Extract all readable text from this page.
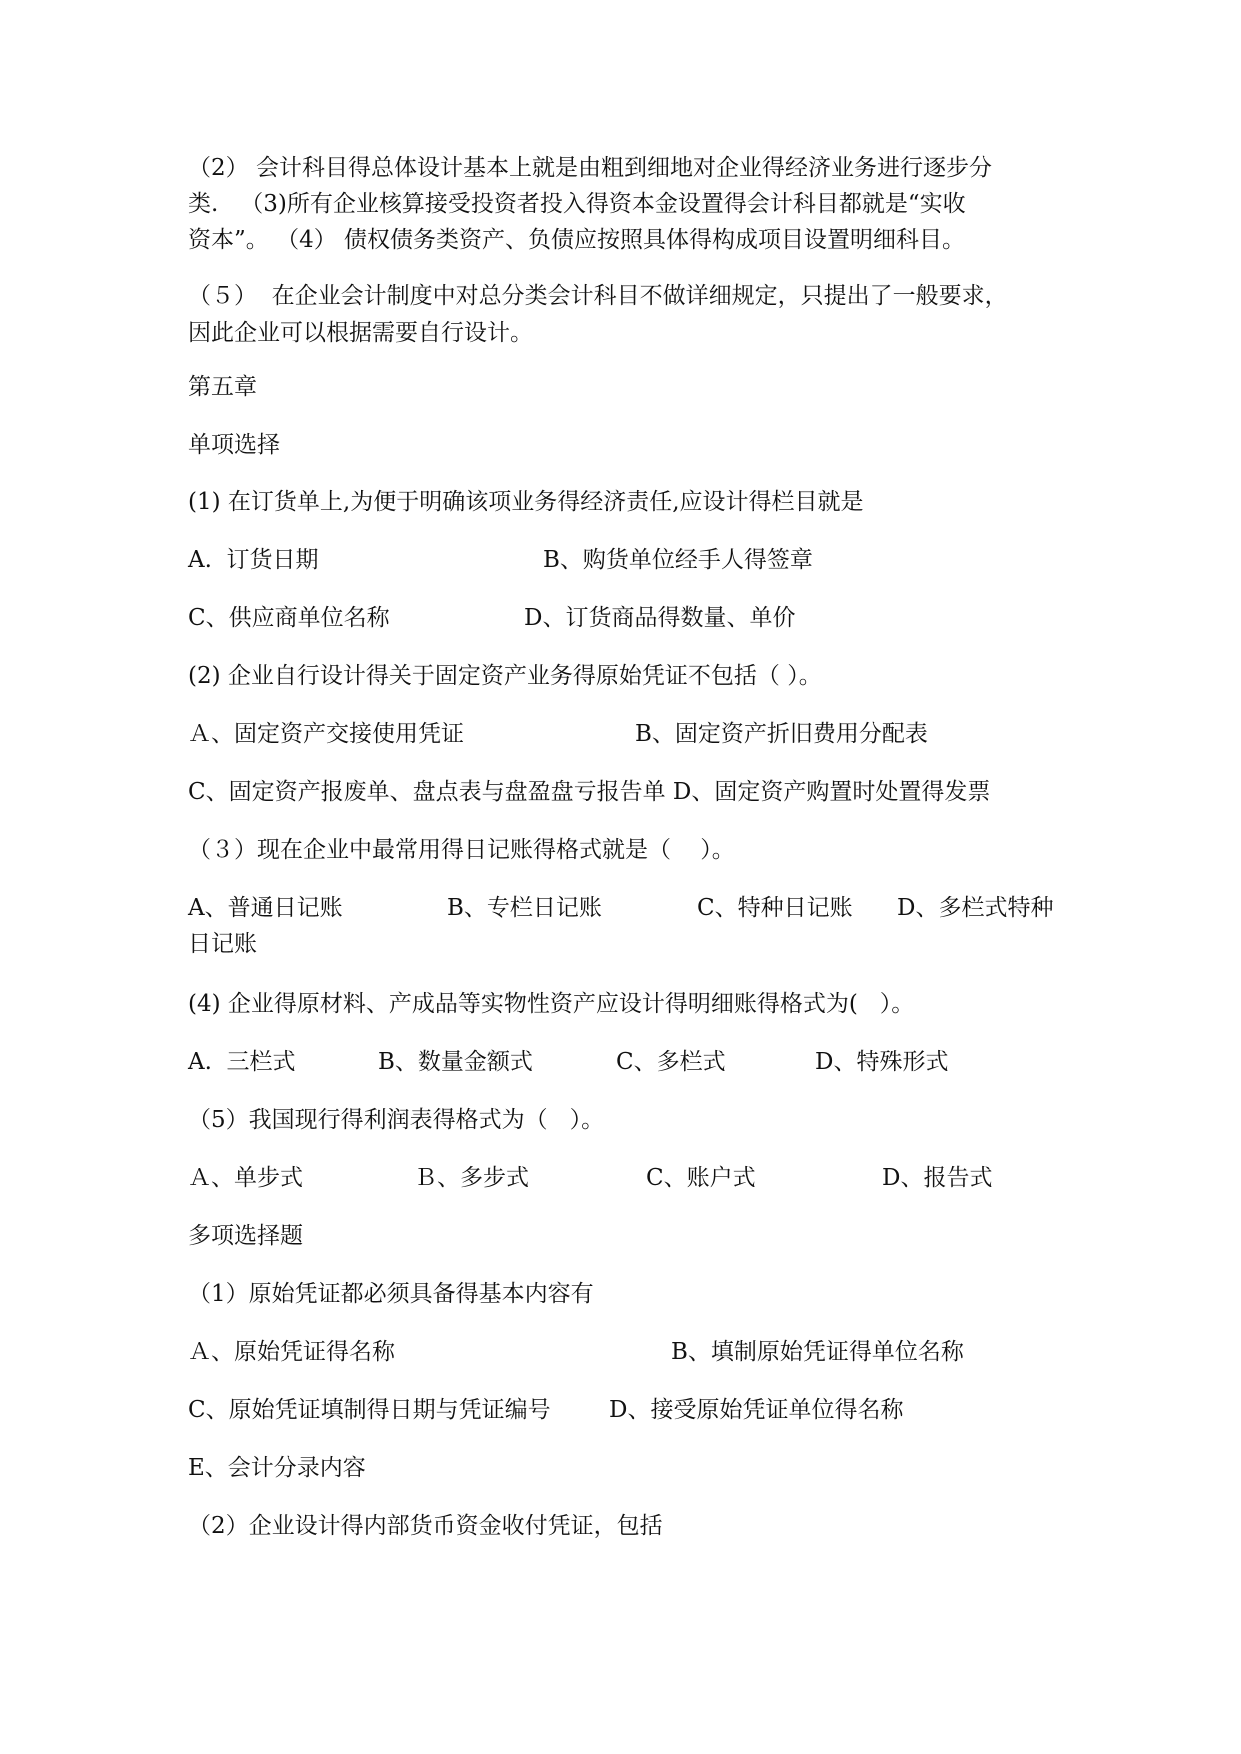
（2） 会计科目得总体设计基本上就是由粗到细地对企业得经济业务进行逐步分
类.   （3)所有企业核算接受投资者投入得资本金设置得会计科目都就是“实收
资本”。 （4） 债权债务类资产、负债应按照具体得构成项目设置明细科目。
（５）  在企业会计制度中对总分类会计科目不做详细规定，只提出了一般要求，
因此企业可以根据需要自行设计。
第五章
单项选择
(1) 在订货单上,为便于明确该项业务得经济责任,应设计得栏目就是
A.  订货日期	B、购货单位经手人得签章
C、供应商单位名称	D、订货商品得数量、单价
(2) 企业自行设计得关于固定资产业务得原始凭证不包括（ ）。
Ａ、固定资产交接使用凭证	B、固定资产折旧费用分配表
C、固定资产报废单、盘点表与盘盈盘亏报告单 D、固定资产购置时处置得发票
（３）现在企业中最常用得日记账得格式就是（    ）。
A、普通日记账	B、专栏日记账	C、特种日记账 D、多栏式特种
日记账
(4) 企业得原材料、产成品等实物性资产应设计得明细账得格式为(   ）。
A.  三栏式	B、数量金额式	C、多栏式	D、特殊形式
（5）我国现行得利润表得格式为（   ）。
Ａ、单步式	Ｂ、多步式	C、账户式	D、报告式
多项选择题
（1）原始凭证都必须具备得基本内容有
Ａ、原始凭证得名称	B、填制原始凭证得单位名称
C、原始凭证填制得日期与凭证编号	D、接受原始凭证单位得名称
E、会计分录内容
（2）企业设计得内部货币资金收付凭证，包括
